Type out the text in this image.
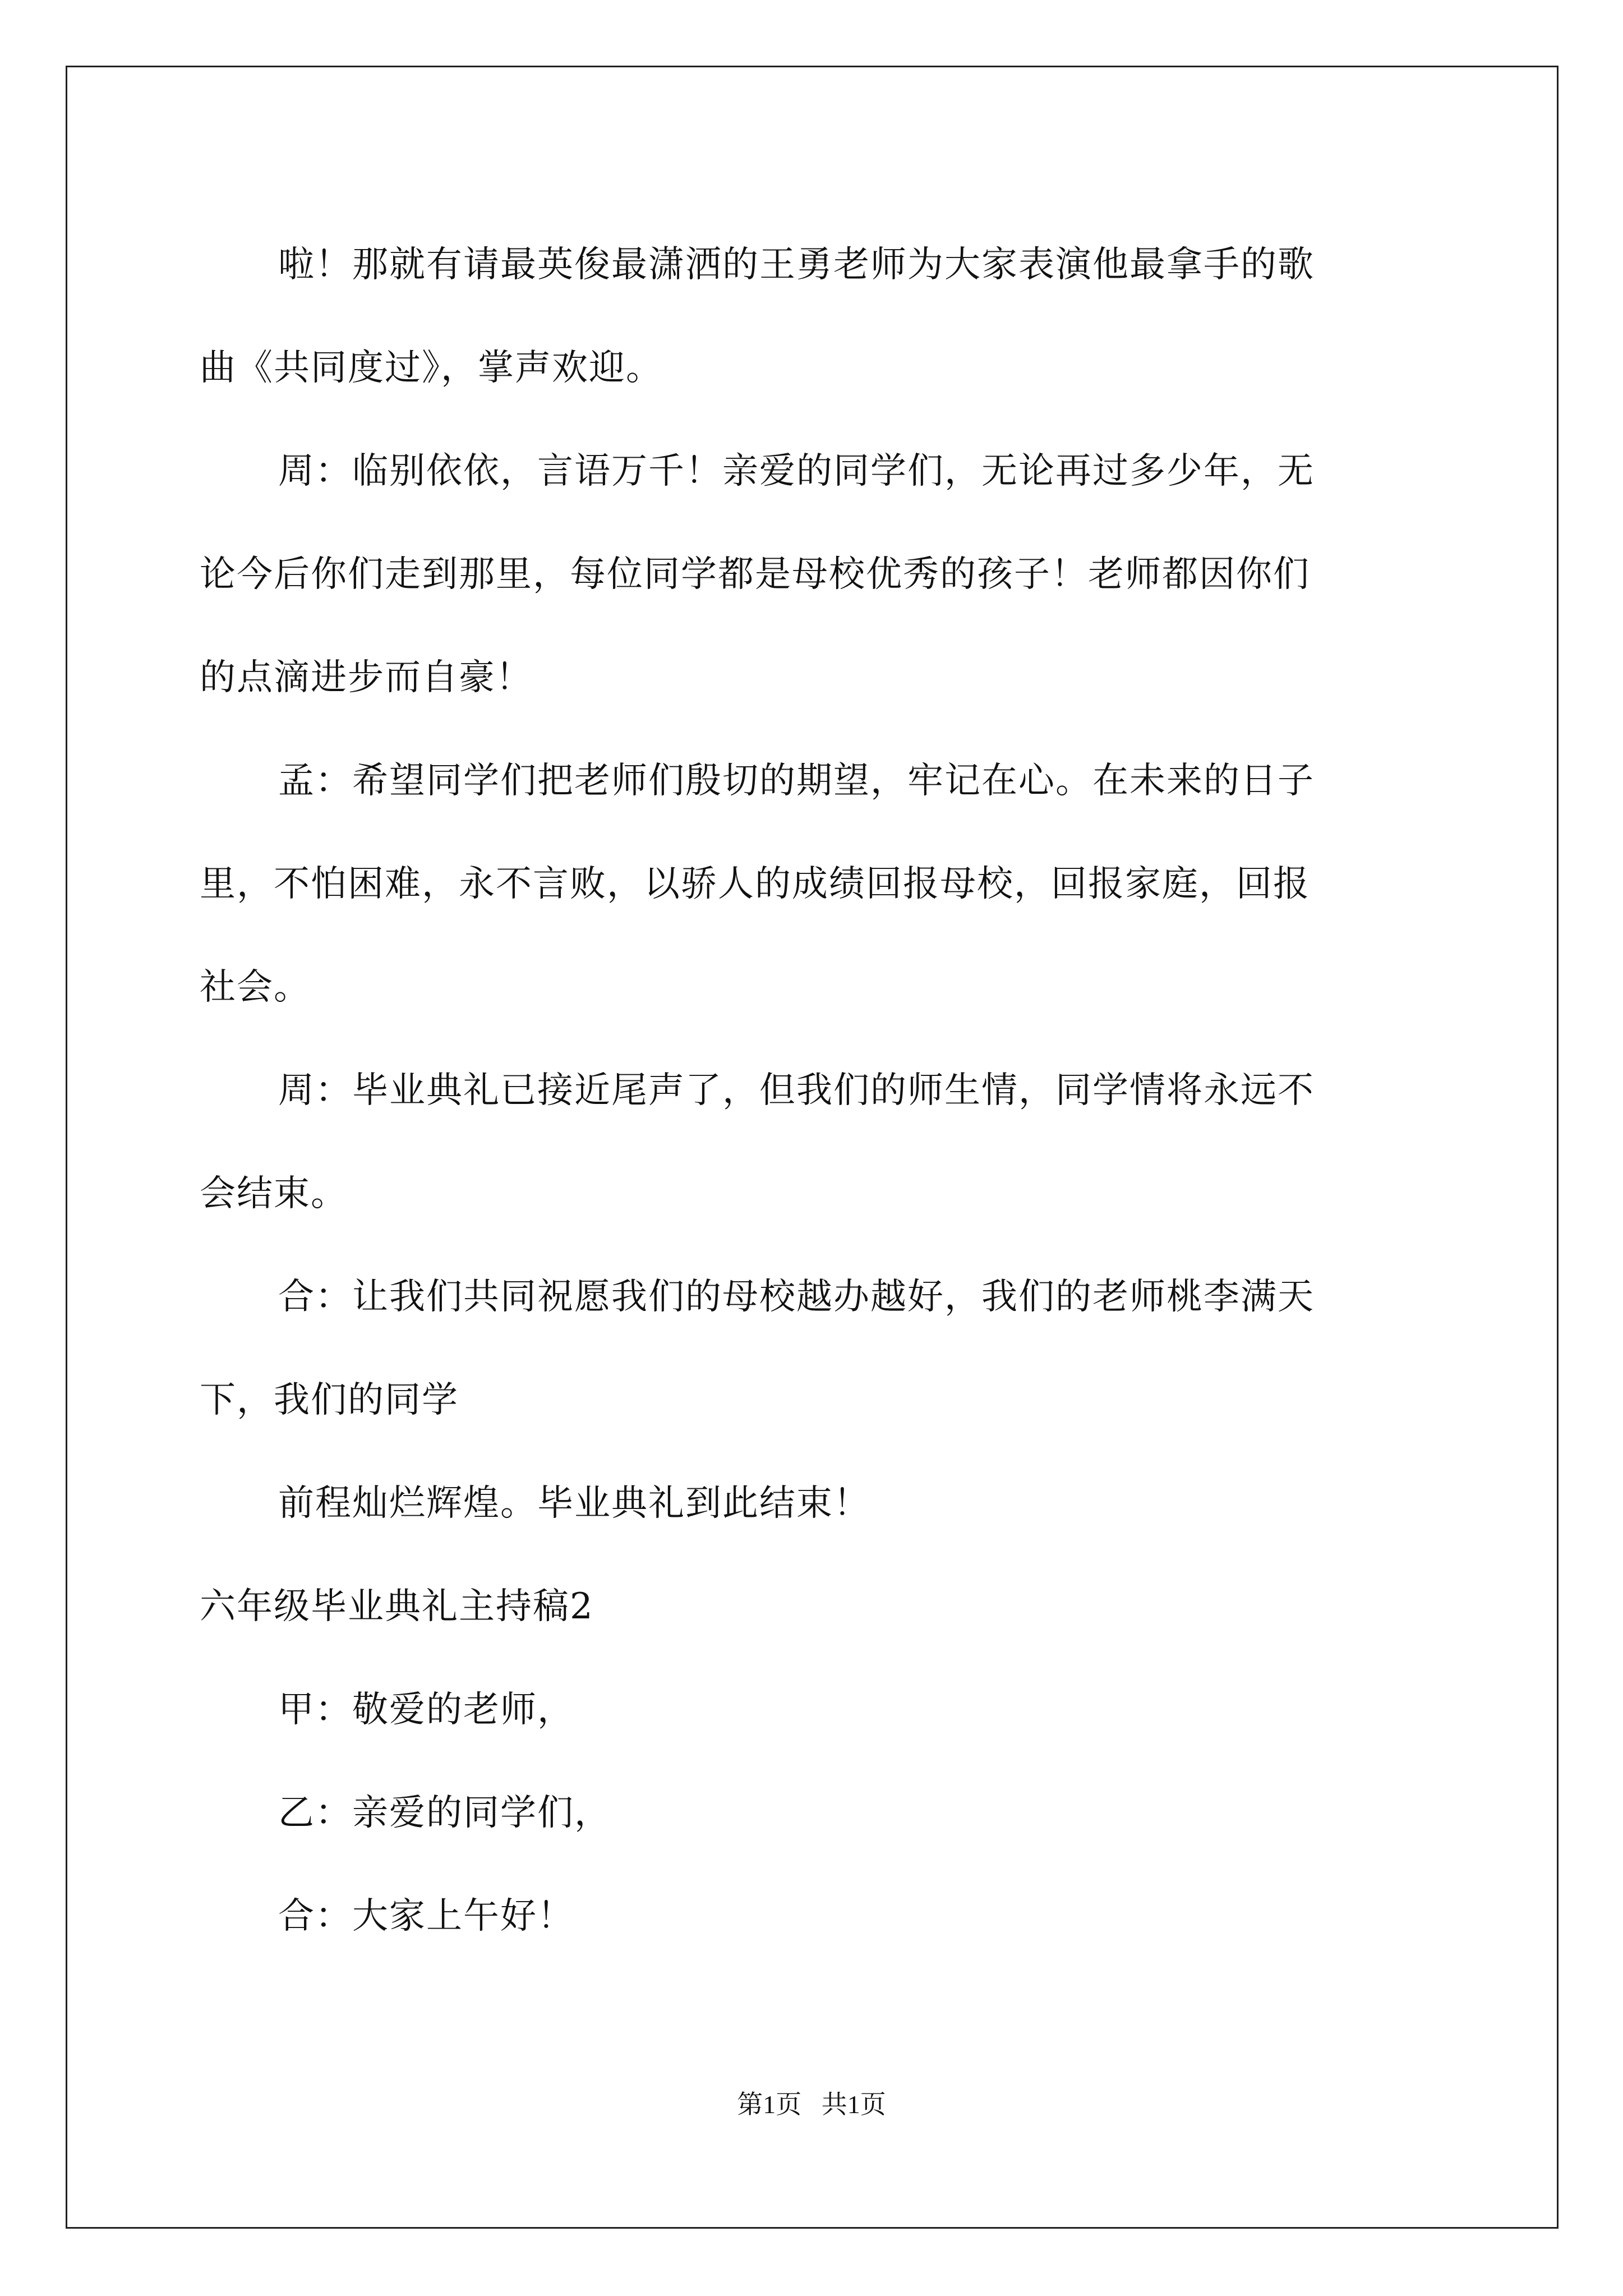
啦！那就有请最英俊最潇洒的王勇老师为大家表演他最拿手的歌
曲《共同度过》，掌声欢迎。
周：临别依依，言语万千！亲爱的同学们，无论再过多少年，无
论今后你们走到那里，每位同学都是母校优秀的孩子！老师都因你们
的点滴进步而自豪！
孟：希望同学们把老师们殷切的期望，牢记在心。在未来的日子
里，不怕困难，永不言败，以骄人的成绩回报母校，回报家庭，回报
社会。
周：毕业典礼已接近尾声了，但我们的师生情，同学情将永远不
会结束。
合：让我们共同祝愿我们的母校越办越好，我们的老师桃李满天
下，我们的同学
前程灿烂辉煌。毕业典礼到此结束！
六年级毕业典礼主持稿2
甲：敬爱的老师，
乙：亲爱的同学们，
合：大家上午好！
第1页 共1页
